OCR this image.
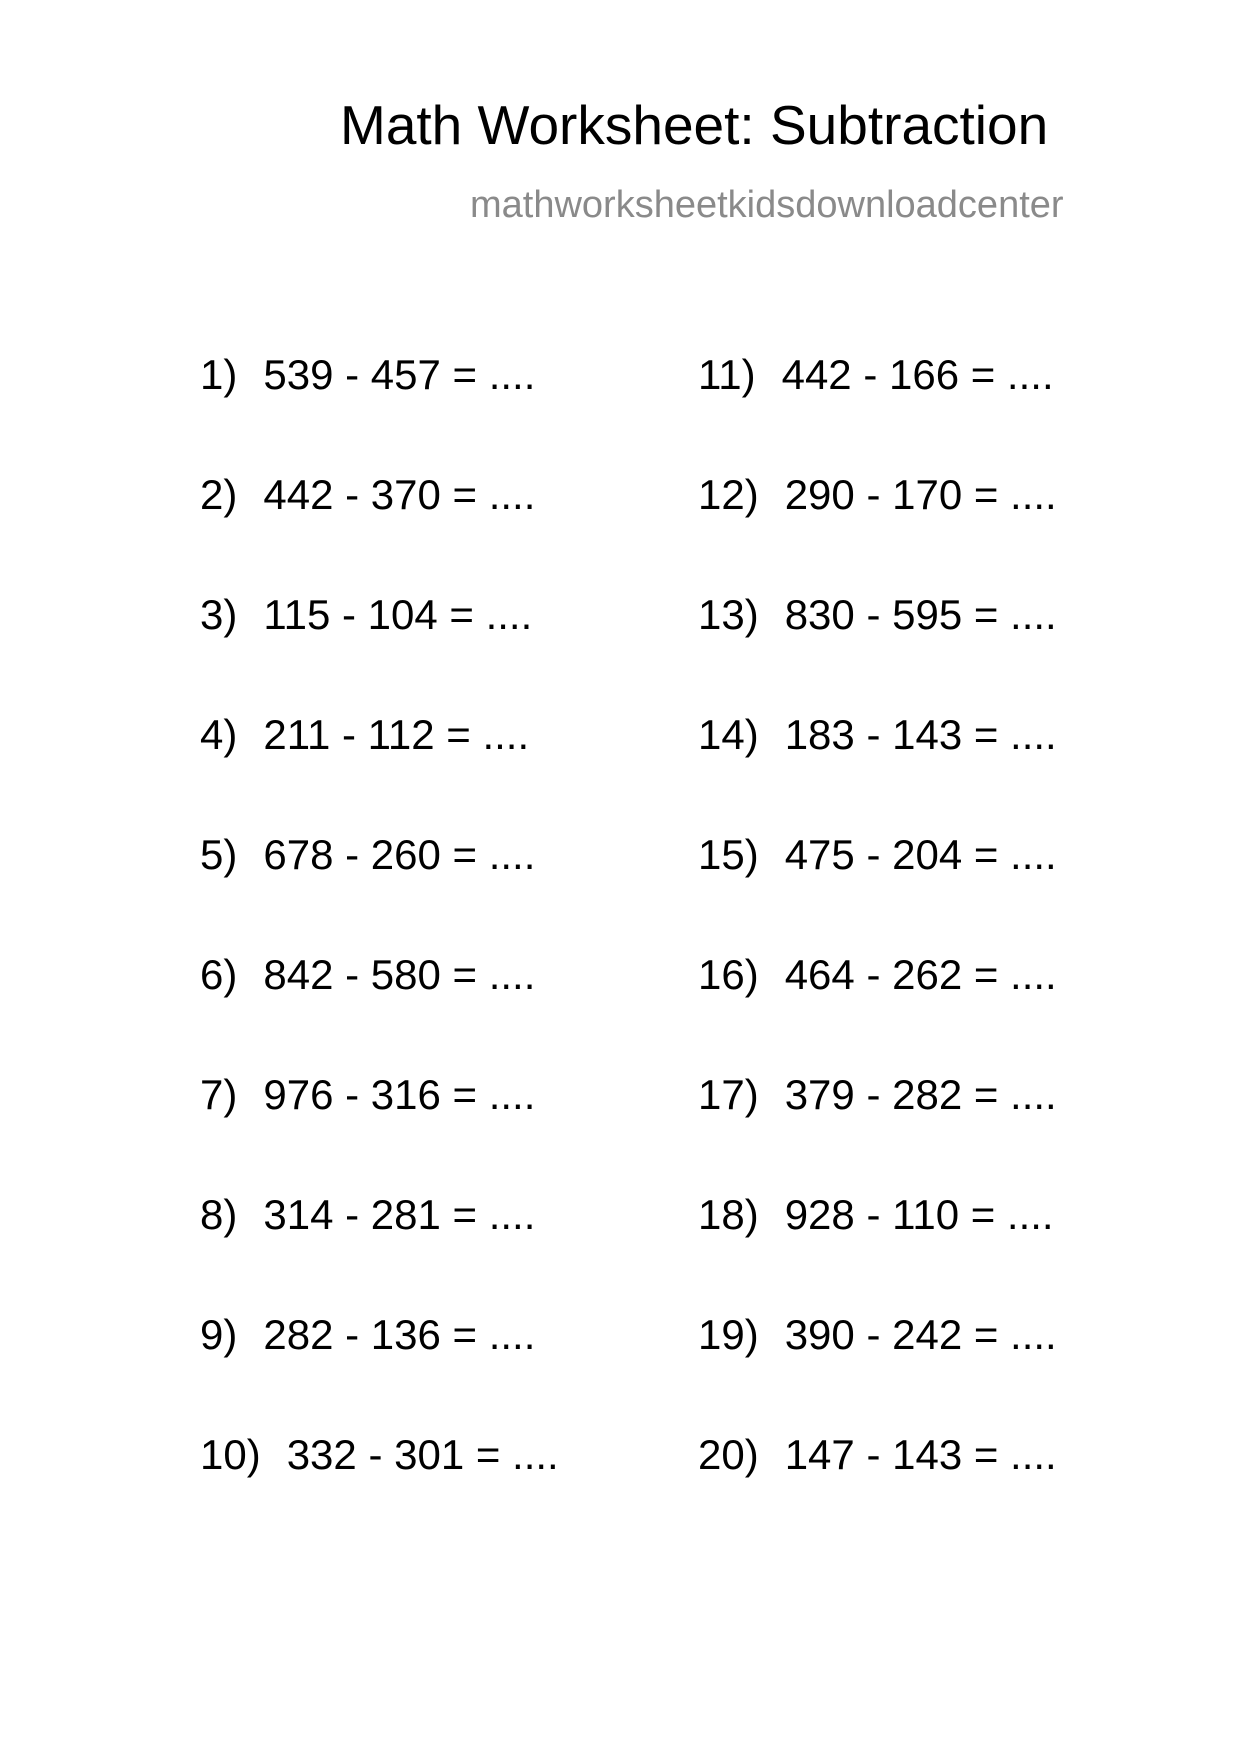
Math Worksheet: Subtraction
mathworksheetkidsdownloadcenter
1) 539 - 457 = ....
2) 442 - 370 = ....
3) 115 - 104 = ....
4) 211 - 112 = ....
5) 678 - 260 = ....
6) 842 - 580 = ....
7) 976 - 316 = ....
8) 314 - 281 = ....
9) 282 - 136 = ....
10) 332 - 301 = ....
11) 442 - 166 = ....
12) 290 - 170 = ....
13) 830 - 595 = ....
14) 183 - 143 = ....
15) 475 - 204 = ....
16) 464 - 262 = ....
17) 379 - 282 = ....
18) 928 - 110 = ....
19) 390 - 242 = ....
20) 147 - 143 = ....
